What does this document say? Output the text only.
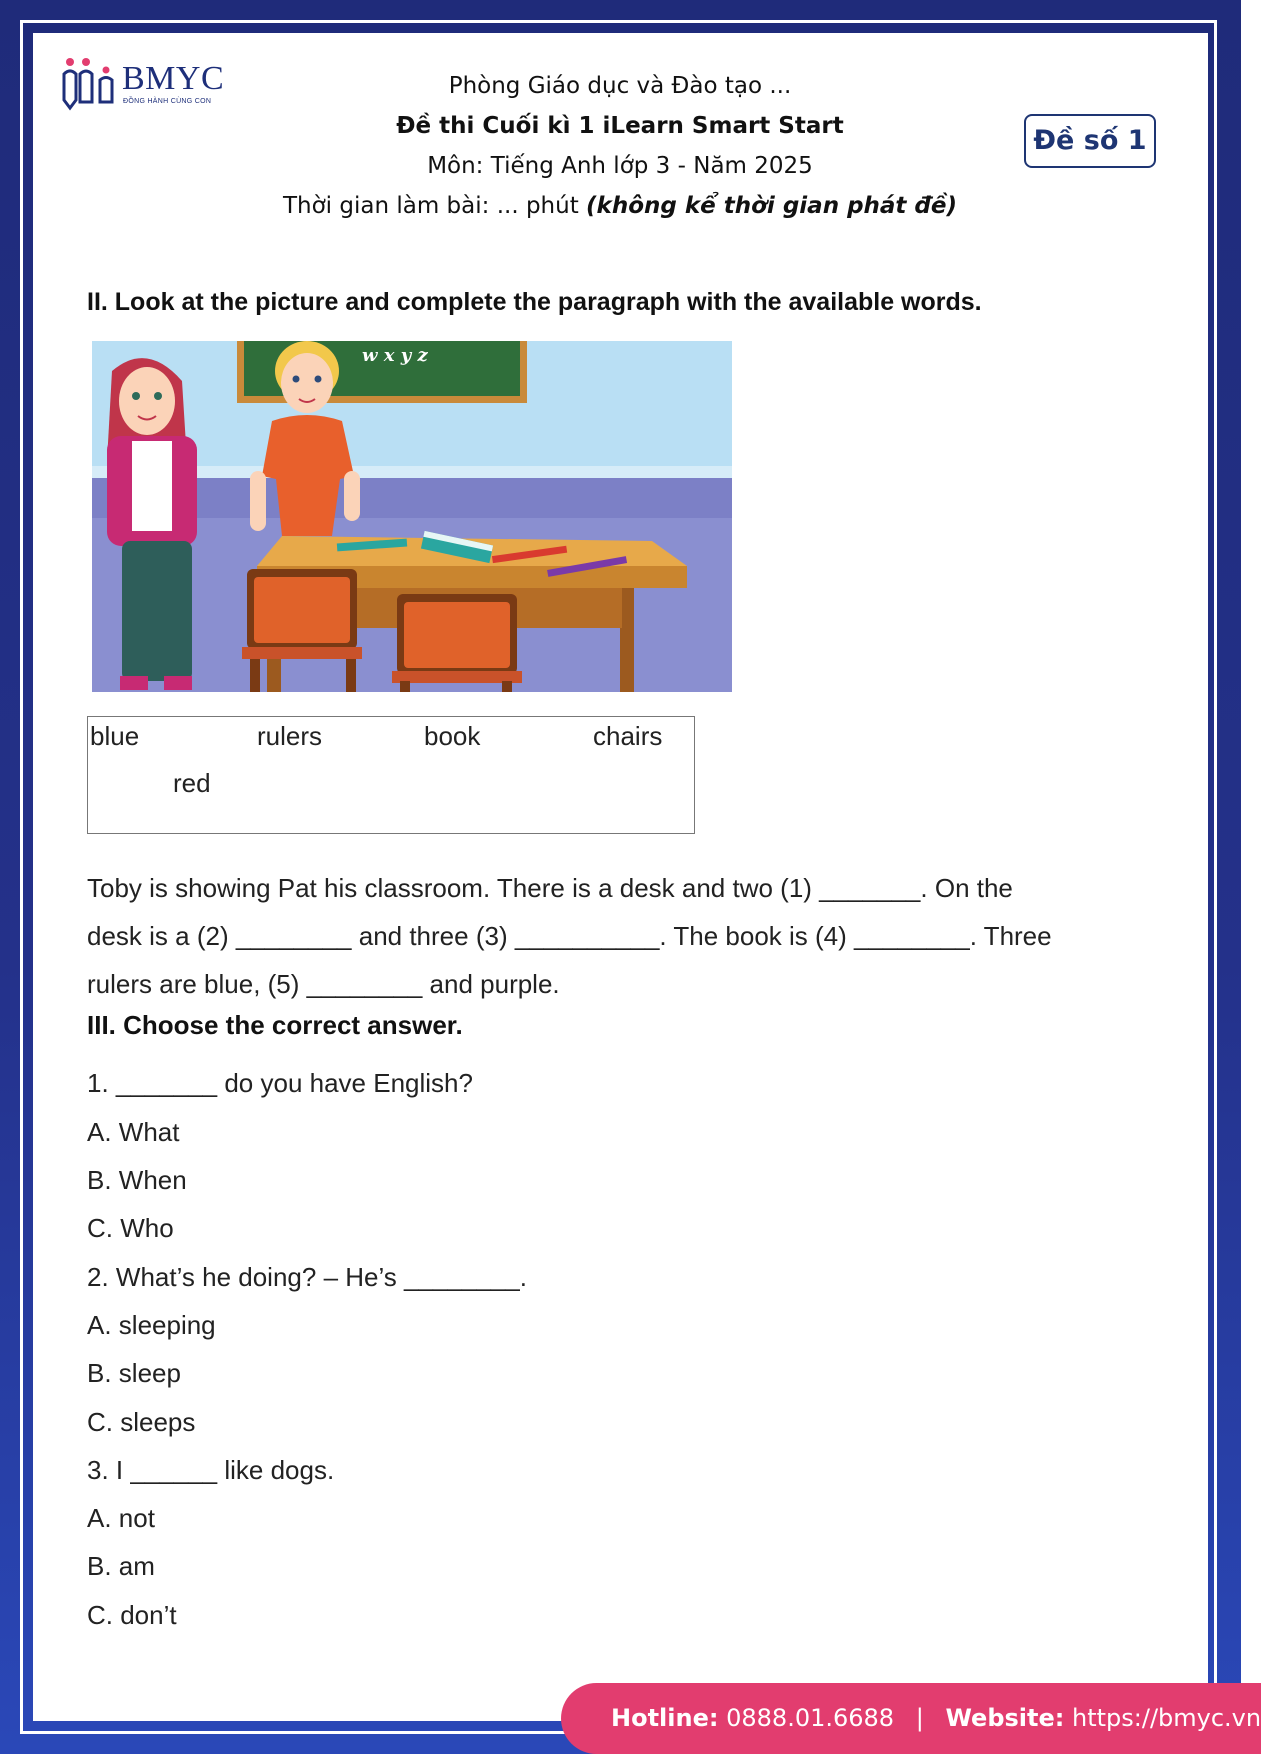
BMYC
ĐỒNG HÀNH CÙNG CON
Phòng Giáo dục và Đào tạo ...
Đề thi Cuối kì 1 iLearn Smart Start
Môn: Tiếng Anh lớp 3 - Năm 2025
Thời gian làm bài: ... phút (không kể thời gian phát đề)
Đề số 1
II. Look at the picture and complete the paragraph with the available words.
w x y z
blue	rulers	book	chairs
red
Toby is showing Pat his classroom. There is a desk and two (1) _______. On the
desk is a (2) ________ and three (3) __________. The book is (4) ________. Three
rulers are blue, (5) ________ and purple.
III. Choose the correct answer.
1. _______ do you have English?
A. What
B. When
C. Who
2. What’s he doing? – He’s ________.
A. sleeping
B. sleep
C. sleeps
3. I ______ like dogs.
A. not
B. am
C. don’t
Hotline: 0888.01.6688 | Website: https://bmyc.vn
